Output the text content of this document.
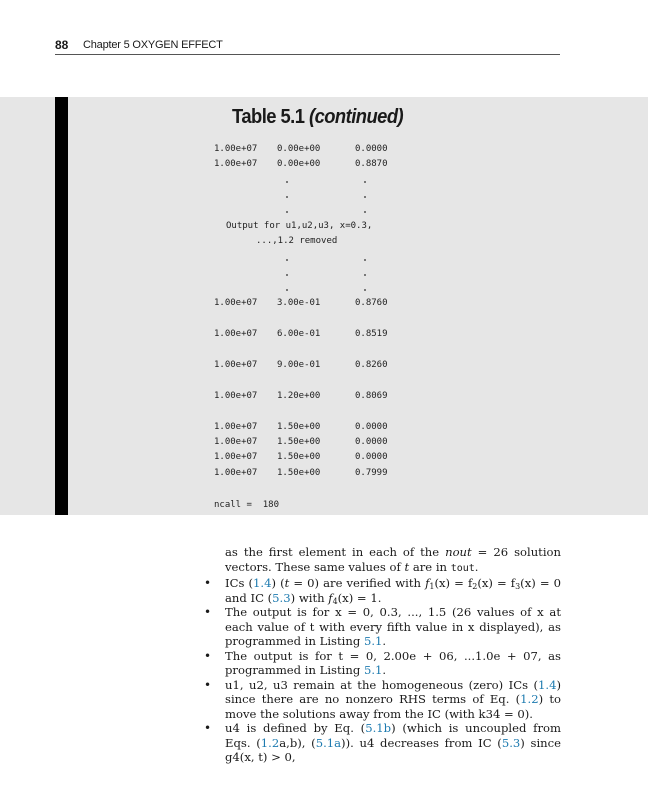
88 Chapter 5 OXYGEN EFFECT
Table 5.1 (continued)
1.00e+07 0.00e+00	0.0000
1.00e+07 0.00e+00	0.8870
Output for u1,u2,u3, x=0.3,
...,1.2 removed
1.00e+07 3.00e-01	0.8760
1.00e+07 6.00e-01	0.8519
1.00e+07 9.00e-01	0.8260
1.00e+07 1.20e+00	0.8069
1.00e+07 1.50e+00	0.0000
1.00e+07 1.50e+00	0.0000
1.00e+07 1.50e+00	0.0000
1.00e+07 1.50e+00	0.7999
ncall =  180

as the first element in each of the nout = 26 solution vectors. These same values of t are in tout.

• ICs (1.4) (t = 0) are verified with $f_1(x) = f_2(x) = f_3(x) = 0$ and IC (5.3) with $f_4(x) = 1$.
• The output is for x = 0, 0.3, ..., 1.5 (26 values of x at each value of t with every fifth value in x displayed), as programmed in Listing 5.1.
• The output is for t = 0, 2.00e + 06, ...1.0e + 07, as programmed in Listing 5.1.
• u1, u2, u3 remain at the homogeneous (zero) ICs (1.4) since there are no nonzero RHS terms of Eq. (1.2) to move the solutions away from the IC (with k34 = 0).
• u4 is defined by Eq. (5.1b) (which is uncoupled from Eqs. (1.2a,b), (5.1a)). u4 decreases from IC (5.3) since g4(x, t) > 0,
